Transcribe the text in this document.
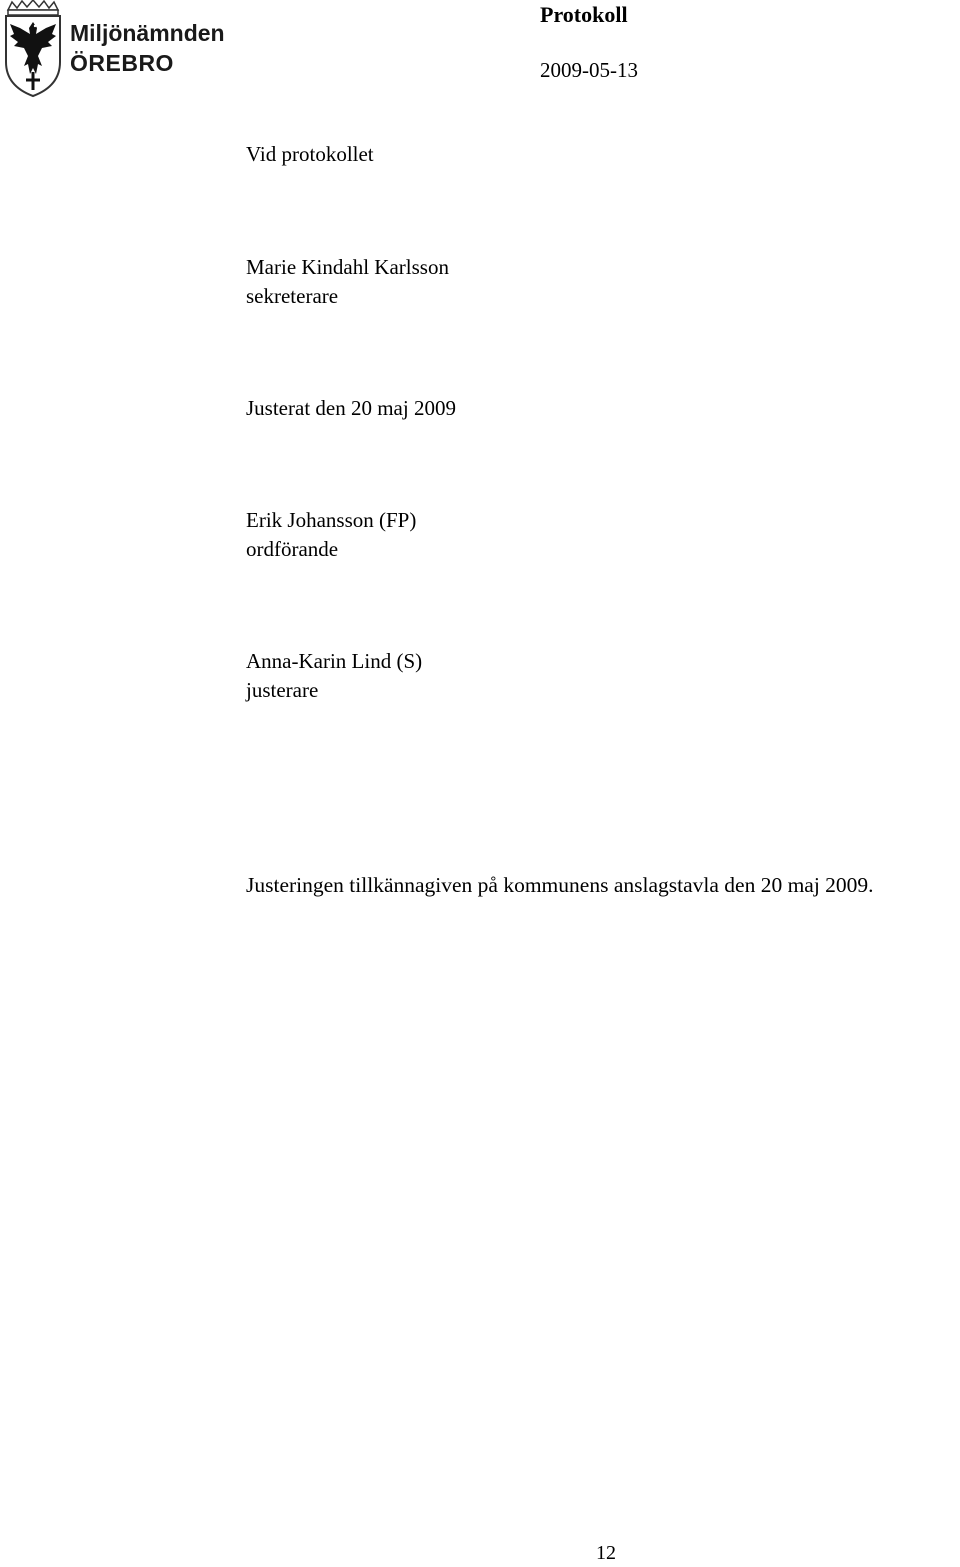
Miljönämnden
ÖREBRO
Protokoll
2009-05-13
Vid protokollet
Marie Kindahl Karlsson
sekreterare
Justerat den 20 maj 2009
Erik Johansson (FP)
ordförande
Anna-Karin Lind (S)
justerare
Justeringen tillkännagiven på kommunens anslagstavla den 20 maj 2009.
12
